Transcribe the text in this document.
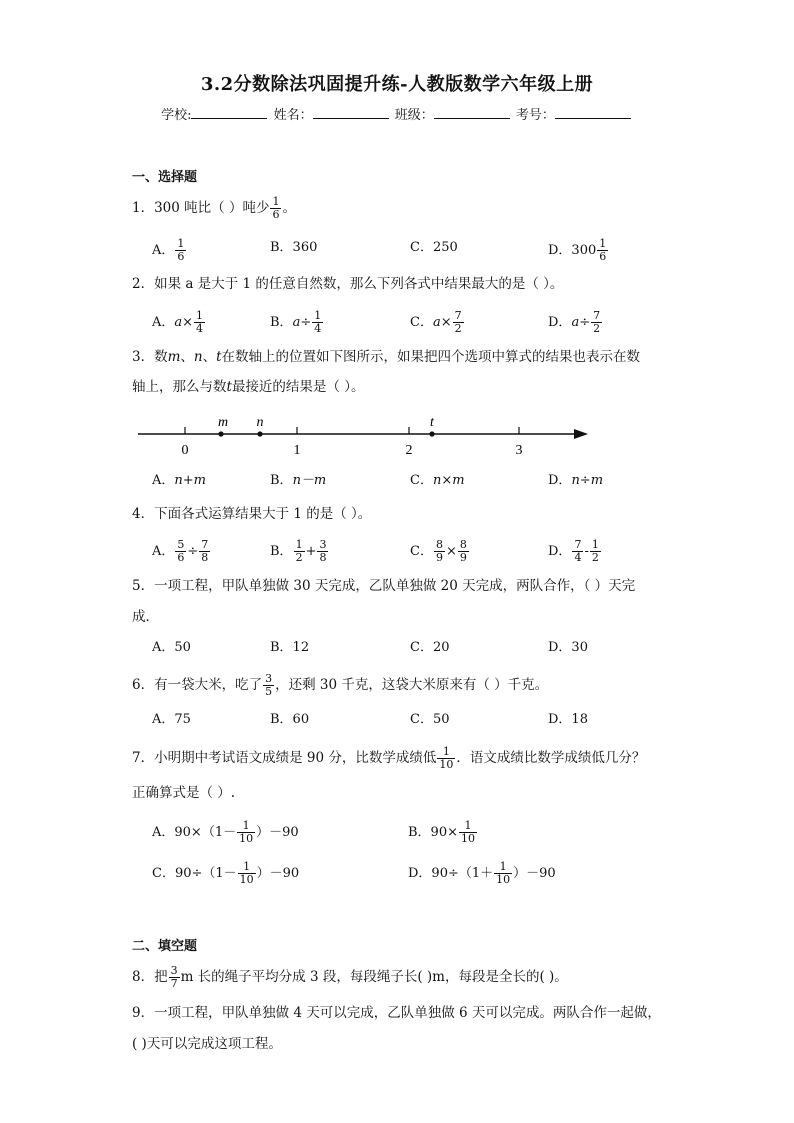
3.2分数除法巩固提升练-人教版数学六年级上册
学校:	姓名：	班级：	考号：
一、选择题
1．300 吨比（ ）吨少 $\frac{1}{6}$ 。
A． $\frac{1}{6}$	B．360	C．250	D．$300 \frac{1}{6}$
2．如果 a 是大于 1 的任意自然数，那么下列各式中结果最大的是（ ）。
A．$a\times \frac{1}{4}$	B．$a\div \frac{1}{4}$	C．$a\times \frac{7}{2}$	D．$a\div \frac{7}{2}$
3．数m、n、t在数轴上的位置如下图所示，如果把四个选项中算式的结果也表示在数
轴上，那么与数t最接近的结果是（ ）。
0	1	2	3
m n	t
A．n+m	B．n－m	C．n×m	D．n÷m
4．下面各式运算结果大于 1 的是（ ）。
A． $\frac{5}{6} \div \frac{7}{8}$	B． $\frac{1}{2} + \frac{3}{8}$	C． $\frac{8}{9} \times \frac{8}{9}$	D． $\frac{7}{4} - \frac{1}{2}$
5．一项工程，甲队单独做 30 天完成，乙队单独做 20 天完成，两队合作，（ ）天完
成．
A．50	B．12	C．20	D．30
6．有一袋大米，吃了 $\frac{3}{5}$ ，还剩 30 千克，这袋大米原来有（ ）千克。
A．75	B．60	C．50	D．18
7．小明期中考试语文成绩是 90 分，比数学成绩低 $\frac{1}{10}$ ．语文成绩比数学成绩低几分？
正确算式是（ ）.
A．$90\times(1- \frac{1}{10} )-90$	B．$90\times \frac{1}{10}$
C．$90\div(1- \frac{1}{10} )-90$	D．$90\div(1+ \frac{1}{10} )-90$
二、填空题
8．把 $\frac{3}{7}$ m 长的绳子平均分成 3 段，每段绳子长( )m，每段是全长的( )。
9．一项工程，甲队单独做 4 天可以完成，乙队单独做 6 天可以完成。两队合作一起做，
( )天可以完成这项工程。
